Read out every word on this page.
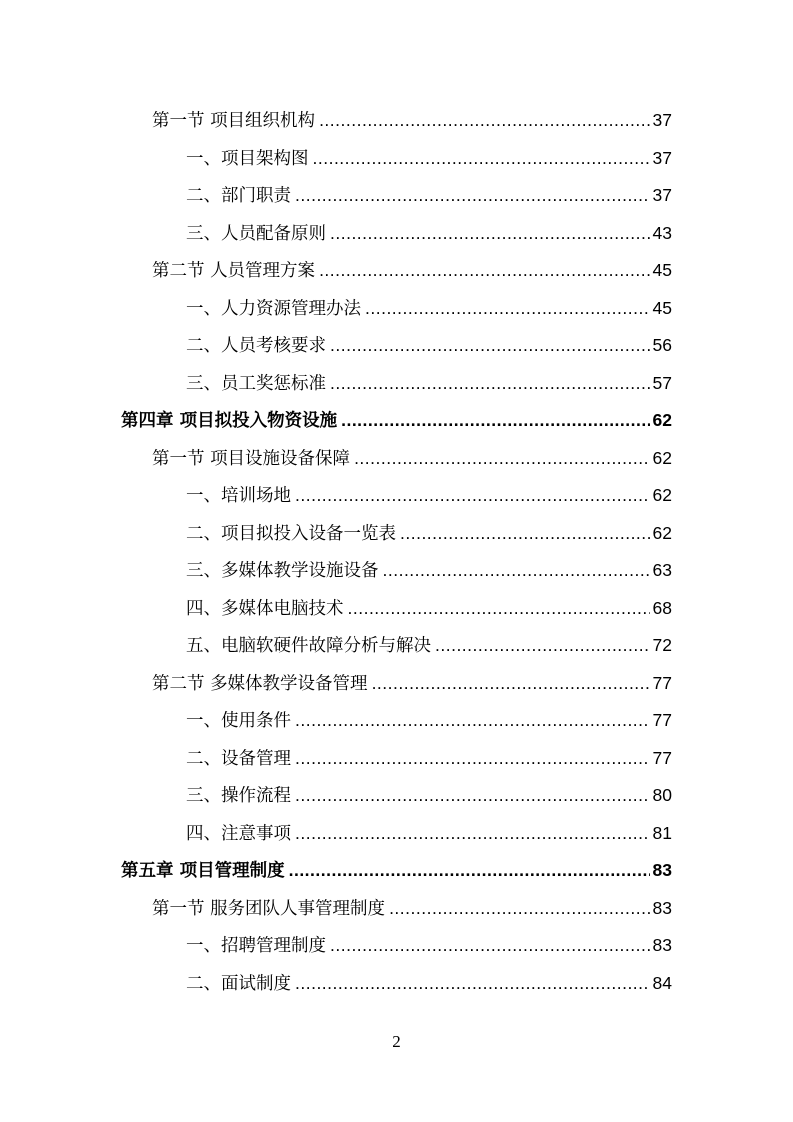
第一节 项目组织机构 .....	37
一、项目架构图 .....	37
二、部门职责 .....	37
三、人员配备原则 .....	43
第二节 人员管理方案 .....	45
一、人力资源管理办法 .....	45
二、人员考核要求 .....	56
三、员工奖惩标准 .....	57
第四章 项目拟投入物资设施 .....	62
第一节 项目设施设备保障 .....	62
一、培训场地 .....	62
二、项目拟投入设备一览表 .....	62
三、多媒体教学设施设备 .....	63
四、多媒体电脑技术 .....	68
五、电脑软硬件故障分析与解决 .....	72
第二节 多媒体教学设备管理 .....	77
一、使用条件 .....	77
二、设备管理 .....	77
三、操作流程 .....	80
四、注意事项 .....	81
第五章 项目管理制度 .....	83
第一节 服务团队人事管理制度 .....	83
一、招聘管理制度 .....	83
二、面试制度 .....	84
2
